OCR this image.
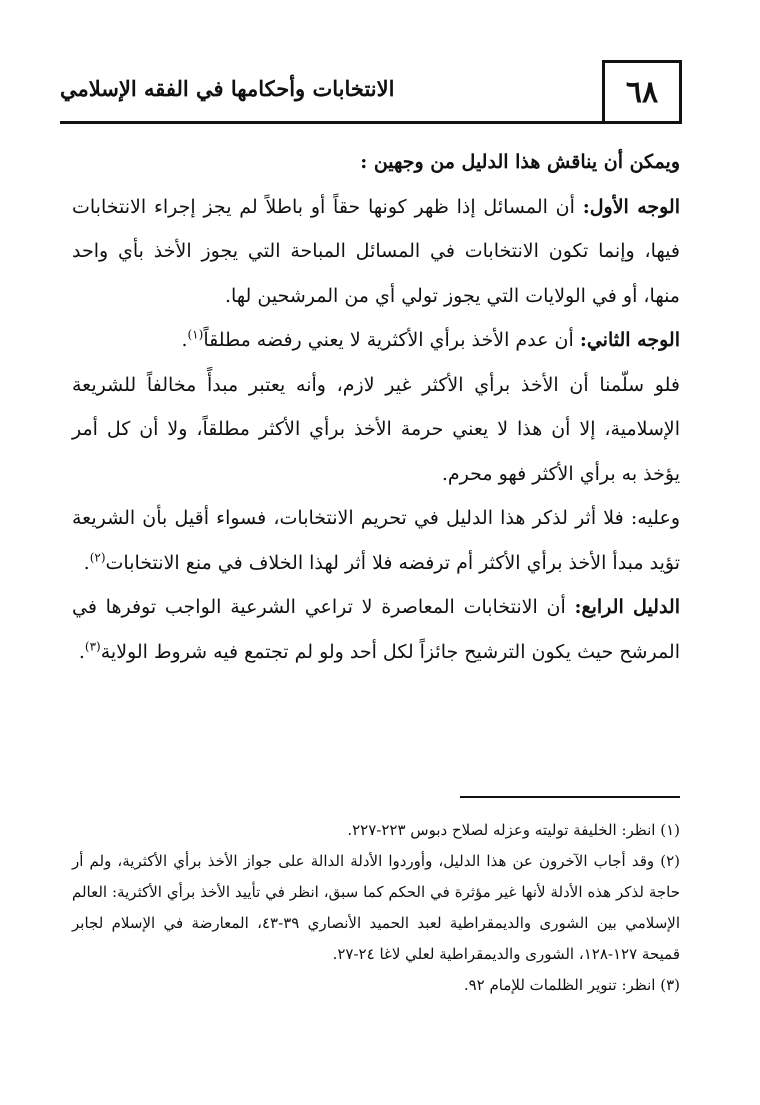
٦٨
الانتخابات وأحكامها في الفقه الإسلامي

ويمكن أن يناقش هذا الدليل من وجهين :

الوجه الأول: أن المسائل إذا ظهر كونها حقاً أو باطلاً لم يجز إجراء الانتخابات فيها، وإنما تكون الانتخابات في المسائل المباحة التي يجوز الأخذ بأي واحد منها، أو في الولايات التي يجوز تولي أي من المرشحين لها.

الوجه الثاني: أن عدم الأخذ برأي الأكثرية لا يعني رفضه مطلقاً$^{(١)}$.

فلو سلّمنا أن الأخذ برأي الأكثر غير لازم، وأنه يعتبر مبدأً مخالفاً للشريعة الإسلامية، إلا أن هذا لا يعني حرمة الأخذ برأي الأكثر مطلقاً، ولا أن كل أمر يؤخذ به برأي الأكثر فهو محرم.

وعليه: فلا أثر لذكر هذا الدليل في تحريم الانتخابات، فسواء أقيل بأن الشريعة تؤيد مبدأ الأخذ برأي الأكثر أم ترفضه فلا أثر لهذا الخلاف في منع الانتخابات$^{(٢)}$.

الدليل الرابع: أن الانتخابات المعاصرة لا تراعي الشرعية الواجب توفرها في المرشح حيث يكون الترشيح جائزاً لكل أحد ولو لم تجتمع فيه شروط الولاية$^{(٣)}$.

(١) انظر: الخليفة توليته وعزله لصلاح دبوس ٢٢٣-٢٢٧.

(٢) وقد أجاب الآخرون عن هذا الدليل، وأوردوا الأدلة الدالة على جواز الأخذ برأي الأكثرية، ولم أر حاجة لذكر هذه الأدلة لأنها غير مؤثرة في الحكم كما سبق، انظر في تأييد الأخذ برأي الأكثرية: العالم الإسلامي بين الشورى والديمقراطية لعبد الحميد الأنصاري ٣٩-٤٣، المعارضة في الإسلام لجابر قميحة ١٢٧-١٢٨، الشورى والديمقراطية لعلي لاغا ٢٤-٢٧.

(٣) انظر: تنوير الظلمات للإمام ٩٢.
